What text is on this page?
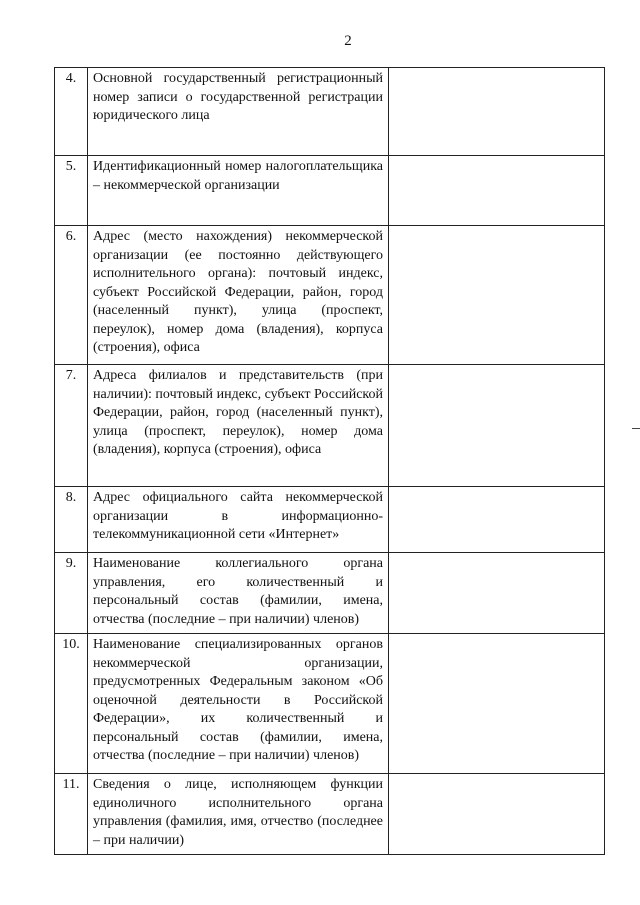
2
4.	Основной государственный регистрационный номер записи о государственной регистрации юридического лица	
5.	Идентификационный номер налогоплательщика – некоммерческой организации	
6.	Адрес (место нахождения) некоммерческой организации (ее постоянно действующего исполнительного органа): почтовый индекс, субъект Российской Федерации, район, город (населенный пункт), улица (проспект, переулок), номер дома (владения), корпуса (строения), офиса	
7.	Адреса филиалов и представительств (при наличии): почтовый индекс, субъект Российской Федерации, район, город (населенный пункт), улица (проспект, переулок), номер дома (владения), корпуса (строения), офиса	
8.	Адрес официального сайта некоммерческой организации в информационно-телекоммуникационной сети «Интернет»	
9.	Наименование коллегиального органа управления, его количественный и персональный состав (фамилии, имена, отчества (последние – при наличии) членов)	
10.	Наименование специализированных органов некоммерческой организации, предусмотренных Федеральным законом «Об оценочной деятельности в Российской Федерации», их количественный и персональный состав (фамилии, имена, отчества (последние – при наличии) членов)	
11.	Сведения о лице, исполняющем функции единоличного исполнительного органа управления (фамилия, имя, отчество (последнее – при наличии)	
